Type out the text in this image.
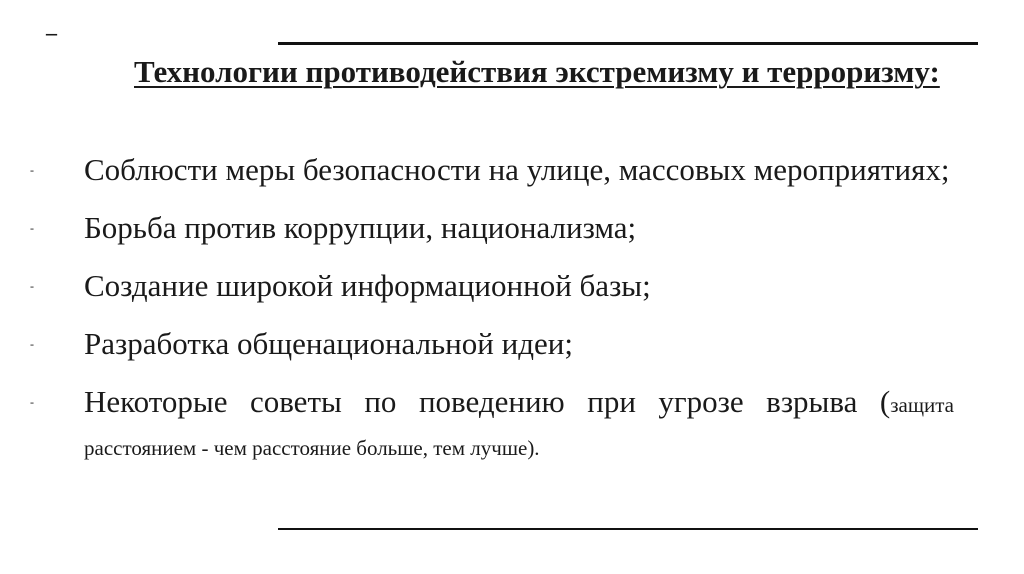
–
Технологии противодействия экстремизму и терроризму:
-	Соблюсти меры безопасности на улице, массовых мероприятиях;
-	Борьба против коррупции, национализма;
-	Создание широкой информационной базы;
-	Разработка общенациональной идеи;
-	Некоторые советы по поведению при угрозе взрыва (защита расстоянием - чем расстояние больше, тем лучше).
